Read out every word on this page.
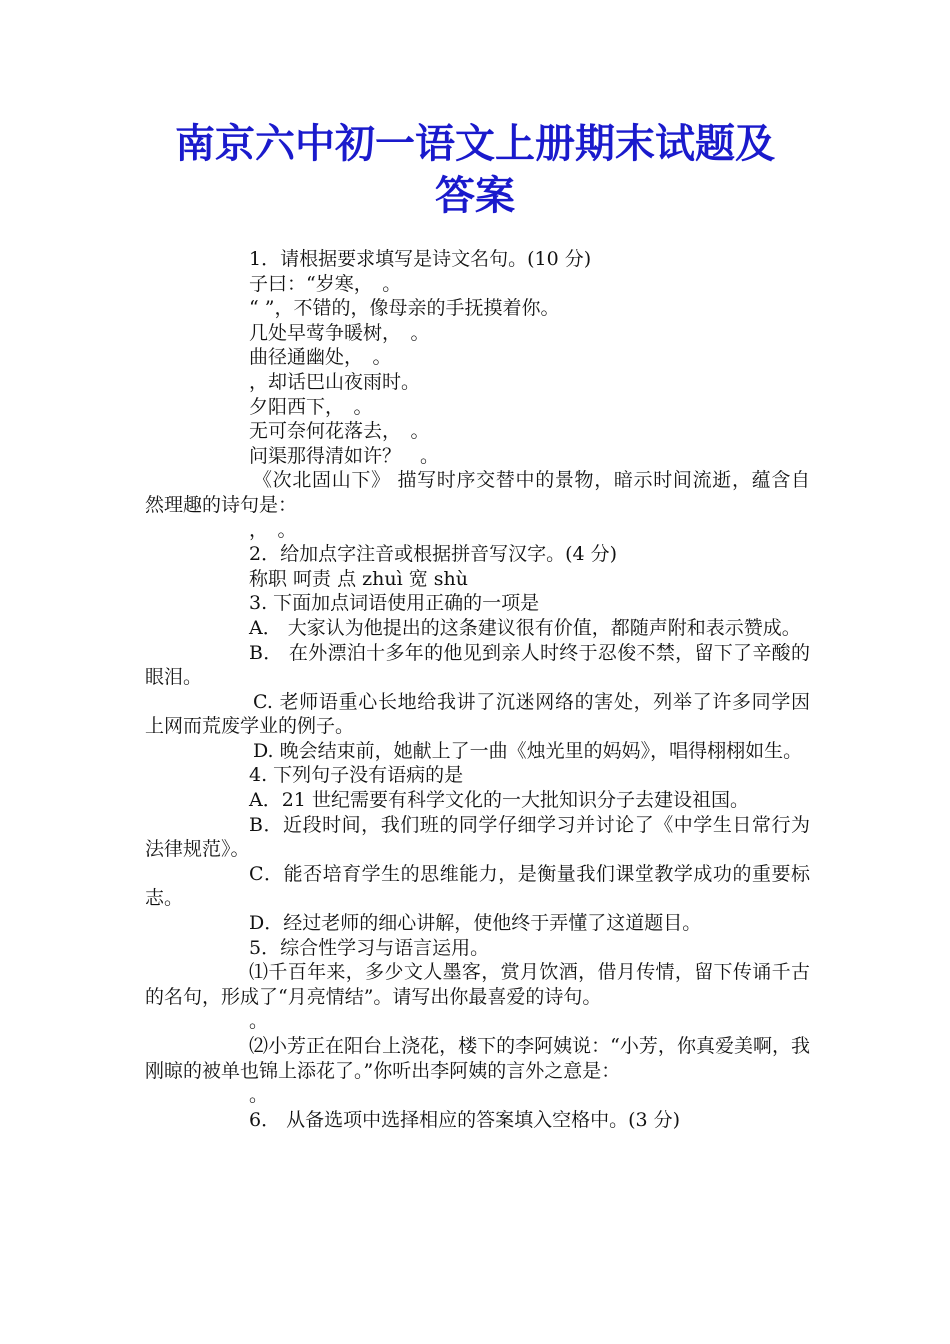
南京六中初一语文上册期末试题及
答案

1．请根据要求填写是诗文名句。(10 分)

子曰：“岁寒，　。

“ ”，不错的，像母亲的手抚摸着你。

几处早莺争暖树，　。

曲径通幽处，　。

，却话巴山夜雨时。

夕阳西下，　。

无可奈何花落去，　。

问渠那得清如许？　。

《次北固山下》 描写时序交替中的景物，暗示时间流逝，蕴含自然理趣的诗句是：

，　。

2．给加点字注音或根据拼音写汉字。(4 分)

称职 呵责 点 zhuì 宽 shù

3. 下面加点词语使用正确的一项是

A． 大家认为他提出的这条建议很有价值，都随声附和表示赞成。

B． 在外漂泊十多年的他见到亲人时终于忍俊不禁，留下了辛酸的眼泪。

C. 老师语重心长地给我讲了沉迷网络的害处，列举了许多同学因上网而荒废学业的例子。

D. 晚会结束前，她献上了一曲《烛光里的妈妈》，唱得栩栩如生。

4. 下列句子没有语病的是

A．21 世纪需要有科学文化的一大批知识分子去建设祖国。

B．近段时间，我们班的同学仔细学习并讨论了《中学生日常行为法律规范》。

C．能否培育学生的思维能力，是衡量我们课堂教学成功的重要标志。

D．经过老师的细心讲解，使他终于弄懂了这道题目。

5．综合性学习与语言运用。

⑴千百年来，多少文人墨客，赏月饮酒，借月传情，留下传诵千古的名句，形成了“月亮情结”。请写出你最喜爱的诗句。

。

⑵小芳正在阳台上浇花，楼下的李阿姨说：“小芳，你真爱美啊，我刚晾的被单也锦上添花了。”你听出李阿姨的言外之意是：

。

6． 从备选项中选择相应的答案填入空格中。(3 分)
